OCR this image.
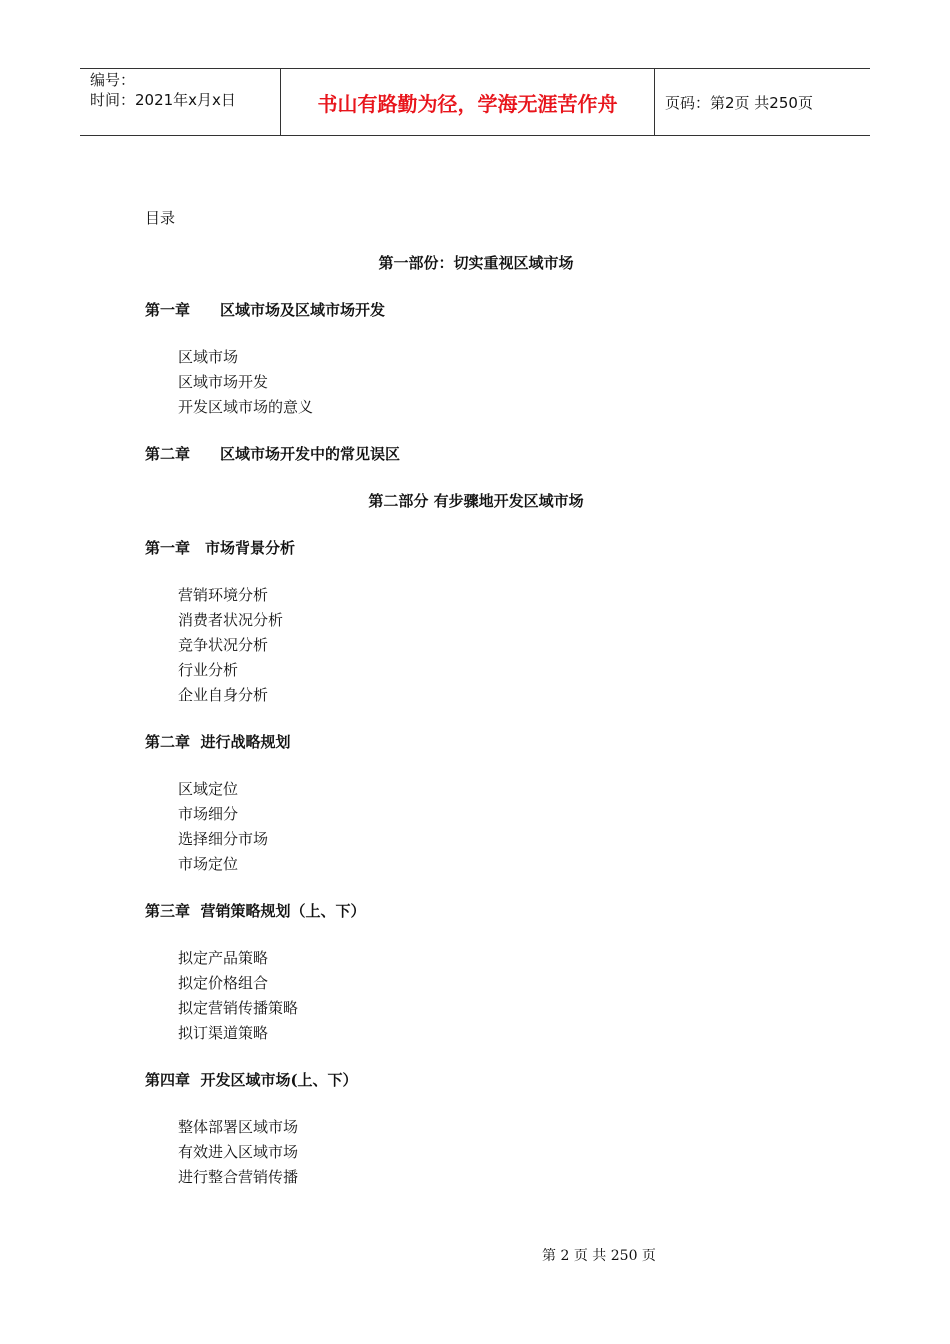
编号：
时间：2021年x月x日	书山有路勤为径，学海无涯苦作舟	页码：第2页 共250页
目录
第一部份：切实重视区域市场
第一章　　区域市场及区域市场开发
区域市场
区域市场开发
开发区域市场的意义
第二章　　区域市场开发中的常见误区
第二部分 有步骤地开发区域市场
第一章　市场背景分析
营销环境分析
消费者状况分析
竞争状况分析
行业分析
企业自身分析
第二章  进行战略规划
区域定位
市场细分
选择细分市场
市场定位
第三章  营销策略规划（上、下）
拟定产品策略
拟定价格组合
拟定营销传播策略
拟订渠道策略
第四章  开发区域市场(上、下）
整体部署区域市场
有效进入区域市场
进行整合营销传播
第 2 页 共 250 页
